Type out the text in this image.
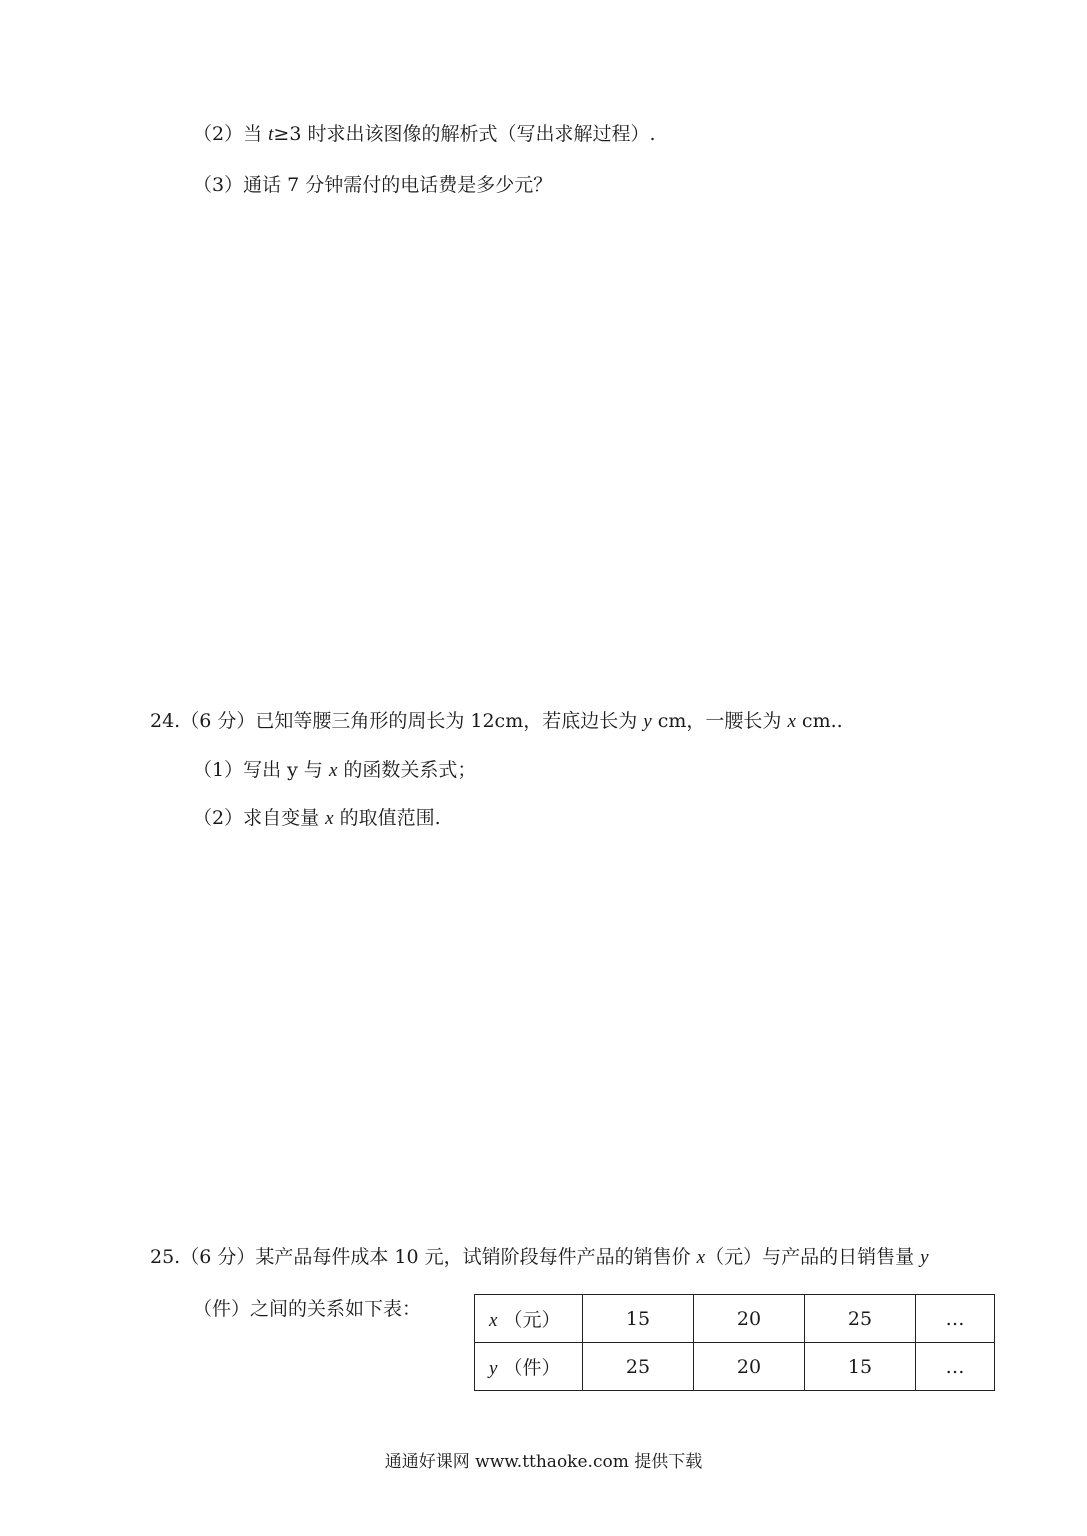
（2）当 t≥3 时求出该图像的解析式（写出求解过程）.
（3）通话 7 分钟需付的电话费是多少元？
24.（6 分）已知等腰三角形的周长为 12cm，若底边长为 y cm，一腰长为 x cm..
（1）写出 y 与 x 的函数关系式；
（2）求自变量 x 的取值范围.
25.（6 分）某产品每件成本 10 元，试销阶段每件产品的销售价 x（元）与产品的日销售量 y
（件）之间的关系如下表：
x （元）	15	20	25	…
y （件）	25	20	15	…
通通好课网 www.tthaoke.com 提供下载
